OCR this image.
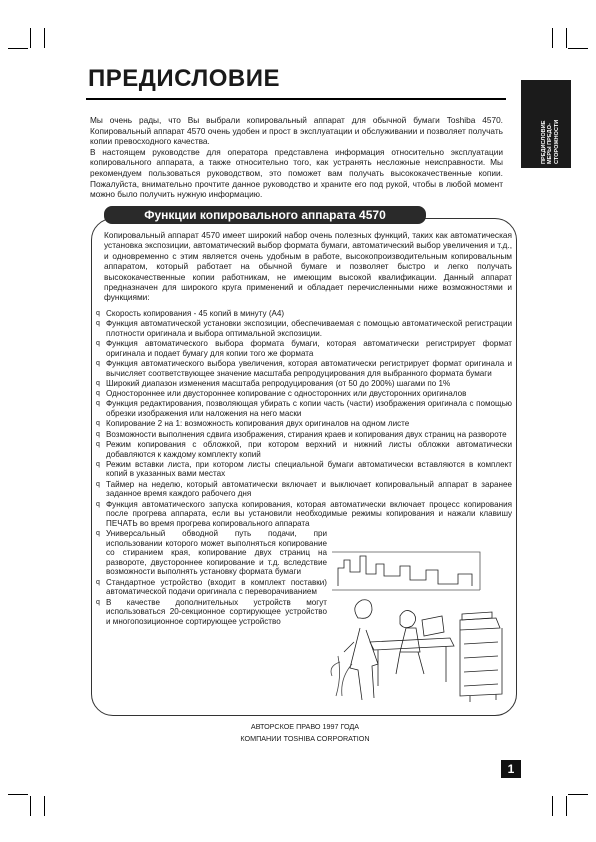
ПРЕДИСЛОВИЕ
ПРЕДИСЛОВИЕ МЕРЫ ПРЕДО- СТОРОЖНОСТИ

Мы очень рады, что Вы выбрали копировальный аппарат для обычной бумаги Toshiba 4570. Копировальный аппарат 4570 очень удобен и прост в эксплуатации и обслуживании и позволяет получать копии превосходного качества.

В настоящем руководстве для оператора представлена информация относительно эксплуатации копировального аппарата, а также относительно того, как устранять несложные неисправности. Мы рекомендуем пользоваться руководством, это поможет вам получать высококачественные копии. Пожалуйста, внимательно прочтите данное руководство и храните его под рукой, чтобы в любой момент можно было получить нужную информацию.

Функции копировального аппарата 4570

Копировальный аппарат 4570 имеет широкий набор очень полезных функций, таких как автоматическая установка экспозиции, автоматический выбор формата бумаги, автоматический выбор увеличения и т.д., и одновременно с этим является очень удобным в работе, высокопроизводительным копировальным аппаратом, который работает на обычной бумаге и позволяет быстро и легко получать высококачественные копии работникам, не имеющим высокой квалификации. Данный аппарат предназначен для широкого круга применений и обладает перечисленными ниже возможностями и функциями:

q Скорость копирования - 45 копий в минуту (А4)
q Функция автоматической установки экспозиции, обеспечиваемая с помощью автоматической регистрации плотности оригинала и выбора оптимальной экспозиции.
q Функция автоматического выбора формата бумаги, которая автоматически регистрирует формат оригинала и подает бумагу для копии того же формата
q Функция автоматического выбора увеличения, которая автоматически регистрирует формат оригинала и вычисляет соответствующее значение масштаба репродуцирования для выбранного формата бумаги
q Широкий диапазон изменения масштаба репродуцирования (от 50 до 200%) шагами по 1%
q Одностороннее или двустороннее копирование с односторонних или двусторонних оригиналов
q Функция редактирования, позволяющая убирать с копии часть (части) изображения оригинала с помощью обрезки изображения или наложения на него маски
q Копирование 2 на 1: возможность копирования двух оригиналов на одном листе
q Возможности выполнения сдвига изображения, стирания краев и копирования двух страниц на развороте
q Режим копирования с обложкой, при котором верхний и нижний листы обложки автоматически добавляются к каждому комплекту копий
q Режим вставки листа, при котором листы специальной бумаги автоматически вставляются в комплект копий в указанных вами местах
q Таймер на неделю, который автоматически включает и выключает копировальный аппарат в заранее заданное время каждого рабочего дня
q Функция автоматического запуска копирования, которая автоматически включает процесс копирования после прогрева аппарата, если вы установили необходимые режимы копирования и нажали клавишу ПЕЧАТЬ во время прогрева копировального аппарата
q Универсальный обводной путь подачи, при использовании которого может выполняться копирование со стиранием края, копирование двух страниц на развороте, двустороннее копирование и т.д. вследствие возможности выполнять установку формата бумаги
q Стандартное устройство (входит в комплект поставки) автоматической подачи оригинала с переворачиванием
q В качестве дополнительных устройств могут использоваться 20-секционное сортирующее устройство и многопозиционное сортирующее устройство
АВТОРСКОЕ ПРАВО 1997 ГОДА
КОМПАНИИ TOSHIBA CORPORATION
1
